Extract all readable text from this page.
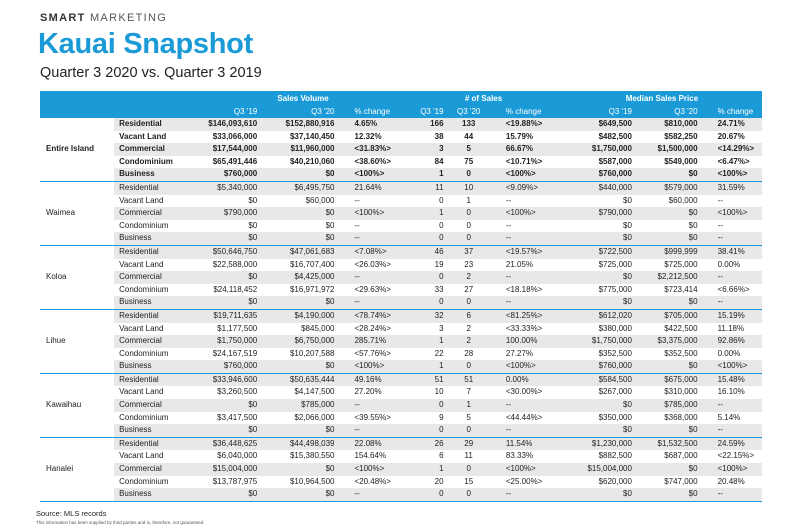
SMART MARKETING
Kauai Snapshot
Quarter 3 2020 vs. Quarter 3 2019
		Sales Volume			# of Sales			Median Sales Price		
		Q3 '19	Q3 '20	% change	Q3 '19	Q3 '20	% change	Q3 '19	Q3 '20	% change
Entire Island	Residential	$146,093,610	$152,880,916	4.65%	166	133	<19.88%>	$649,500	$810,000	24.71%
	Vacant Land	$33,066,000	$37,140,450	12.32%	38	44	15.79%	$482,500	$582,250	20.67%
	Commercial	$17,544,000	$11,960,000	<31.83%>	3	5	66.67%	$1,750,000	$1,500,000	<14.29%>
	Condominium	$65,491,446	$40,210,060	<38.60%>	84	75	<10.71%>	$587,000	$549,000	<6.47%>
	Business	$760,000	$0	<100%>	1	0	<100%>	$760,000	$0	<100%>
Waimea	Residential	$5,340,000	$6,495,750	21.64%	11	10	<9.09%>	$440,000	$579,000	31.59%
	Vacant Land	$0	$60,000	--	0	1	--	$0	$60,000	--
	Commercial	$790,000	$0	<100%>	1	0	<100%>	$790,000	$0	<100%>
	Condominium	$0	$0	--	0	0	--	$0	$0	--
	Business	$0	$0	--	0	0	--	$0	$0	--
Koloa	Residential	$50,646,750	$47,061,683	<7.08%>	46	37	<19.57%>	$722,500	$999,999	38.41%
	Vacant Land	$22,588,000	$16,707,400	<26.03%>	19	23	21.05%	$725,000	$725,000	0.00%
	Commercial	$0	$4,425,000	--	0	2	--	$0	$2,212,500	--
	Condominium	$24,118,452	$16,971,972	<29.63%>	33	27	<18.18%>	$775,000	$723,414	<6.66%>
	Business	$0	$0	--	0	0	--	$0	$0	--
Lihue	Residential	$19,711,635	$4,190,000	<78.74%>	32	6	<81.25%>	$612,020	$705,000	15.19%
	Vacant Land	$1,177,500	$845,000	<28.24%>	3	2	<33.33%>	$380,000	$422,500	11.18%
	Commercial	$1,750,000	$6,750,000	285.71%	1	2	100.00%	$1,750,000	$3,375,000	92.86%
	Condominium	$24,167,519	$10,207,588	<57.76%>	22	28	27.27%	$352,500	$352,500	0.00%
	Business	$760,000	$0	<100%>	1	0	<100%>	$760,000	$0	<100%>
Kawaihau	Residential	$33,946,600	$50,635,444	49.16%	51	51	0.00%	$584,500	$675,000	15.48%
	Vacant Land	$3,260,500	$4,147,500	27.20%	10	7	<30.00%>	$267,000	$310,000	16.10%
	Commercial	$0	$785,000	--	0	1	--	$0	$785,000	--
	Condominium	$3,417,500	$2,066,000	<39.55%>	9	5	<44.44%>	$350,000	$368,000	5.14%
	Business	$0	$0	--	0	0	--	$0	$0	--
Hanalei	Residential	$36,448,625	$44,498,039	22.08%	26	29	11.54%	$1,230,000	$1,532,500	24.59%
	Vacant Land	$6,040,000	$15,380,550	154.64%	6	11	83.33%	$882,500	$687,000	<22.15%>
	Commercial	$15,004,000	$0	<100%>	1	0	<100%>	$15,004,000	$0	<100%>
	Condominium	$13,787,975	$10,964,500	<20.48%>	20	15	<25.00%>	$620,000	$747,000	20.48%
	Business	$0	$0	--	0	0	--	$0	$0	--
Source: MLS records
This information has been supplied by third parties and is, therefore, not guaranteed.
